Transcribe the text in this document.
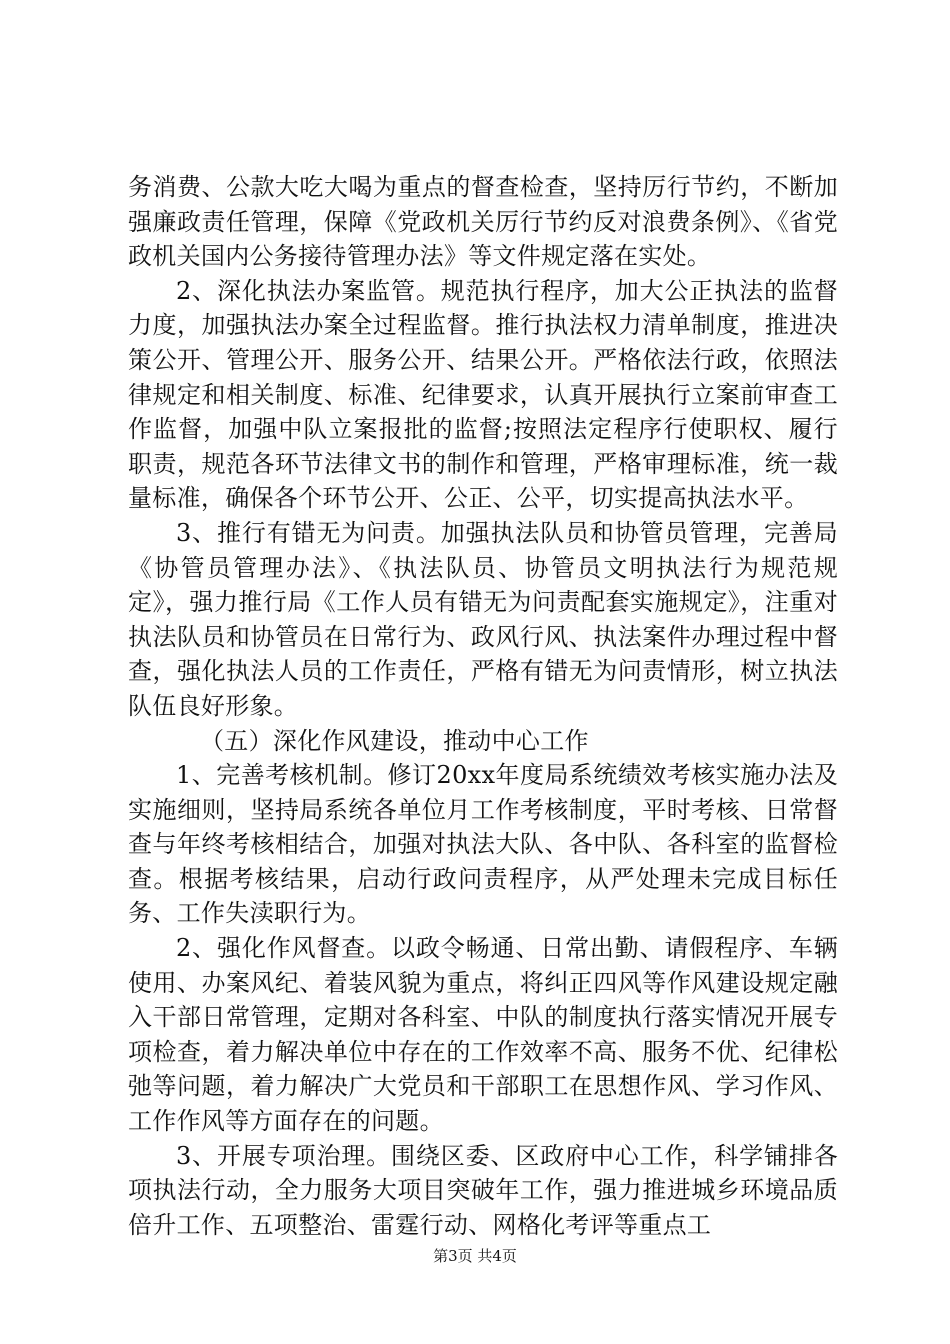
务消费、公款大吃大喝为重点的督查检查，坚持厉行节约，不断加强廉政责任管理，保障《党政机关厉行节约反对浪费条例》、《省党政机关国内公务接待管理办法》等文件规定落在实处。

2、深化执法办案监管。规范执行程序，加大公正执法的监督力度，加强执法办案全过程监督。推行执法权力清单制度，推进决策公开、管理公开、服务公开、结果公开。严格依法行政，依照法律规定和相关制度、标准、纪律要求，认真开展执行立案前审查工作监督，加强中队立案报批的监督;按照法定程序行使职权、履行职责，规范各环节法律文书的制作和管理，严格审理标准，统一裁量标准，确保各个环节公开、公正、公平，切实提高执法水平。

3、推行有错无为问责。加强执法队员和协管员管理，完善局《协管员管理办法》、《执法队员、协管员文明执法行为规范规定》，强力推行局《工作人员有错无为问责配套实施规定》，注重对执法队员和协管员在日常行为、政风行风、执法案件办理过程中督查，强化执法人员的工作责任，严格有错无为问责情形，树立执法队伍良好形象。

（五）深化作风建设，推动中心工作

1、完善考核机制。修订20xx年度局系统绩效考核实施办法及实施细则，坚持局系统各单位月工作考核制度，平时考核、日常督查与年终考核相结合，加强对执法大队、各中队、各科室的监督检查。根据考核结果，启动行政问责程序，从严处理未完成目标任务、工作失渎职行为。

2、强化作风督查。以政令畅通、日常出勤、请假程序、车辆使用、办案风纪、着装风貌为重点，将纠正四风等作风建设规定融入干部日常管理，定期对各科室、中队的制度执行落实情况开展专项检查，着力解决单位中存在的工作效率不高、服务不优、纪律松弛等问题，着力解决广大党员和干部职工在思想作风、学习作风、工作作风等方面存在的问题。

3、开展专项治理。围绕区委、区政府中心工作，科学铺排各项执法行动，全力服务大项目突破年工作，强力推进城乡环境品质倍升工作、五项整治、雷霆行动、网格化考评等重点工

第3页 共4页
